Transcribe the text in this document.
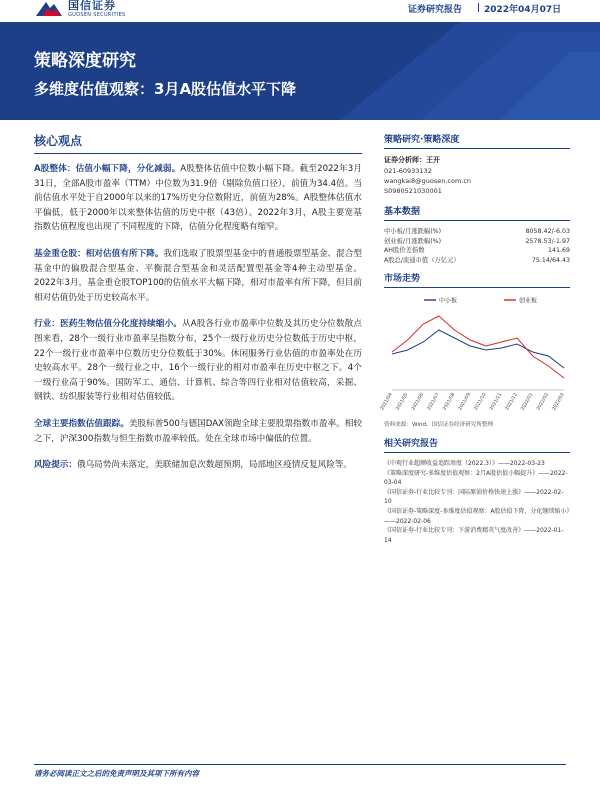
国信证券
GUOSEN SECURITIES	证券研究报告 2022年04月07日
策略深度研究
多维度估值观察：3月A股估值水平下降
核心观点

A股整体：估值小幅下降，分化减弱。A股整体估值中位数小幅下降。截至2022年3月31日，全部A股市盈率（TTM）中位数为31.9倍（剔除负值口径），前值为34.4倍。当前估值水平处于自2000年以来的17%历史分位数附近，前值为28%。A股整体估值水平偏低，低于2000年以来整体估值的历史中枢（43倍）。2022年3月，A股主要宽基指数估值程度也出现了不同程度的下降，估值分化程度略有缩窄。

基金重仓股：相对估值有所下降。我们选取了股票型基金中的普通股票型基金、混合型基金中的偏股混合型基金、平衡混合型基金和灵活配置型基金等4种主动型基金。2022年3月，基金重仓股TOP100的估值水平大幅下降，相对市盈率有所下降，但目前相对估值仍处于历史较高水平。

行业：医药生物估值分化度持续缩小。从A股各行业市盈率中位数及其历史分位数散点图来看，28个一级行业市盈率呈指数分布，25个一级行业历史分位数低于历史中枢，22个一级行业市盈率中位数历史分位数低于30%。休闲服务行业估值的市盈率处在历史较高水平。28个一级行业之中，16个一级行业的相对市盈率在历史中枢之下。4个一级行业高于90%。国防军工、通信、计算机、综合等四行业相对估值较高，采掘、钢铁、纺织服装等行业相对估值较低。

全球主要指数估值跟踪。美股标普500与德国DAX领跑全球主要股票指数市盈率。相较之下，沪深300指数与恒生指数市盈率较低。处在全球市场中偏低的位置。

风险提示：俄乌局势尚未落定，美联储加息次数超预期，局部地区疫情反复风险等。

策略研究·策略深度
证券分析师：王开
021-60933132
wangkai8@guosen.com.cn
S0980521030001
基本数据
中小板/月涨跌幅(%)	8058.42/-6.03
创业板/月涨跌幅(%)	2578.53/-1.97
AH股价差指数	141.69
A股总/流通市值（万亿元）	75.14/64.43
市场走势
中小板	创业板
2021/04 2021/05 2021/06 2021/07 2021/08 2021/09 2021/10 2021/11 2021/12 2022/01 2022/02 2022/03
资料来源：Wind、国信证券经济研究所整理
相关研究报告
《中观行业超额收益追踪周度（2022.3）》——2022-03-23
《策略深度研究-多维度估值观察：2月A股估值小幅提升》——2022-03-04
《国信证券-行业比较专刊：国际原油价格快速上涨》——2022-02-10
《国信证券-策略深度-多维度估值观察：A股估值下降，分化继续缩小》——2022-02-06
《国信证券-行业比较专刊：下游消费精英气度改善》——2022-01-14
请务必阅读正文之后的免责声明及其项下所有内容
